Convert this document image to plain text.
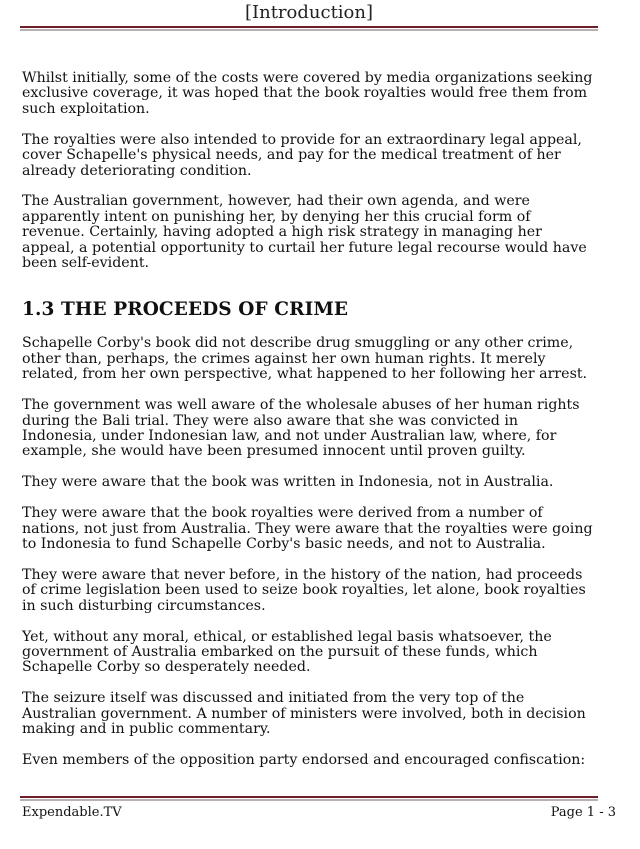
[Introduction]

Whilst initially, some of the costs were covered by media organizations seeking exclusive coverage, it was hoped that the book royalties would free them from such exploitation.

The royalties were also intended to provide for an extraordinary legal appeal, cover Schapelle's physical needs, and pay for the medical treatment of her already deteriorating condition.

The Australian government, however, had their own agenda, and were apparently intent on punishing her, by denying her this crucial form of revenue. Certainly, having adopted a high risk strategy in managing her appeal, a potential opportunity to curtail her future legal recourse would have been self-evident.

1.3 THE PROCEEDS OF CRIME

Schapelle Corby's book did not describe drug smuggling or any other crime, other than, perhaps, the crimes against her own human rights. It merely related, from her own perspective, what happened to her following her arrest.

The government was well aware of the wholesale abuses of her human rights during the Bali trial. They were also aware that she was convicted in Indonesia, under Indonesian law, and not under Australian law, where, for example, she would have been presumed innocent until proven guilty.

They were aware that the book was written in Indonesia, not in Australia.

They were aware that the book royalties were derived from a number of nations, not just from Australia. They were aware that the royalties were going to Indonesia to fund Schapelle Corby's basic needs, and not to Australia.

They were aware that never before, in the history of the nation, had proceeds of crime legislation been used to seize book royalties, let alone, book royalties in such disturbing circumstances.

Yet, without any moral, ethical, or established legal basis whatsoever, the government of Australia embarked on the pursuit of these funds, which Schapelle Corby so desperately needed.

The seizure itself was discussed and initiated from the very top of the Australian government. A number of ministers were involved, both in decision making and in public commentary.

Even members of the opposition party endorsed and encouraged confiscation:

Expendable.TV	Page 1 - 3
